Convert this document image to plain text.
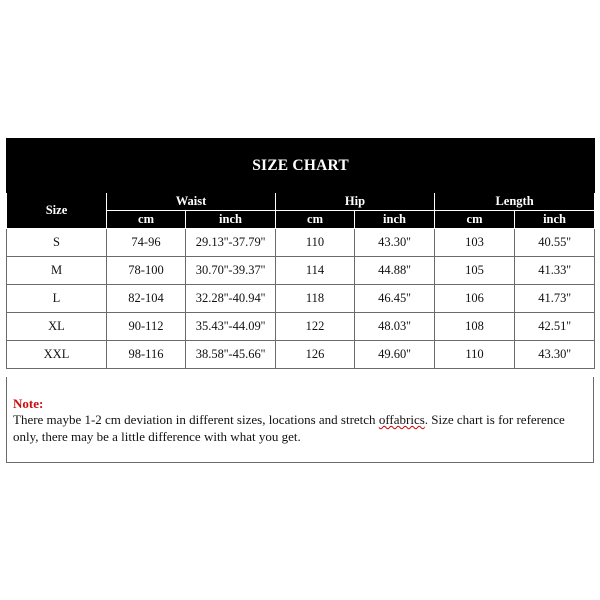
SIZE CHART						
Size	Waist		Hip		Length	
	cm	inch	cm	inch	cm	inch
S	74-96	29.13''-37.79''	110	43.30''	103	40.55''
M	78-100	30.70''-39.37''	114	44.88''	105	41.33''
L	82-104	32.28''-40.94''	118	46.45''	106	41.73''
XL	90-112	35.43''-44.09''	122	48.03''	108	42.51''
XXL	98-116	38.58''-45.66''	126	49.60''	110	43.30''
Note:
There maybe 1-2 cm deviation in different sizes, locations and stretch offabrics. Size chart is for reference only, there may be a little difference with what you get.
